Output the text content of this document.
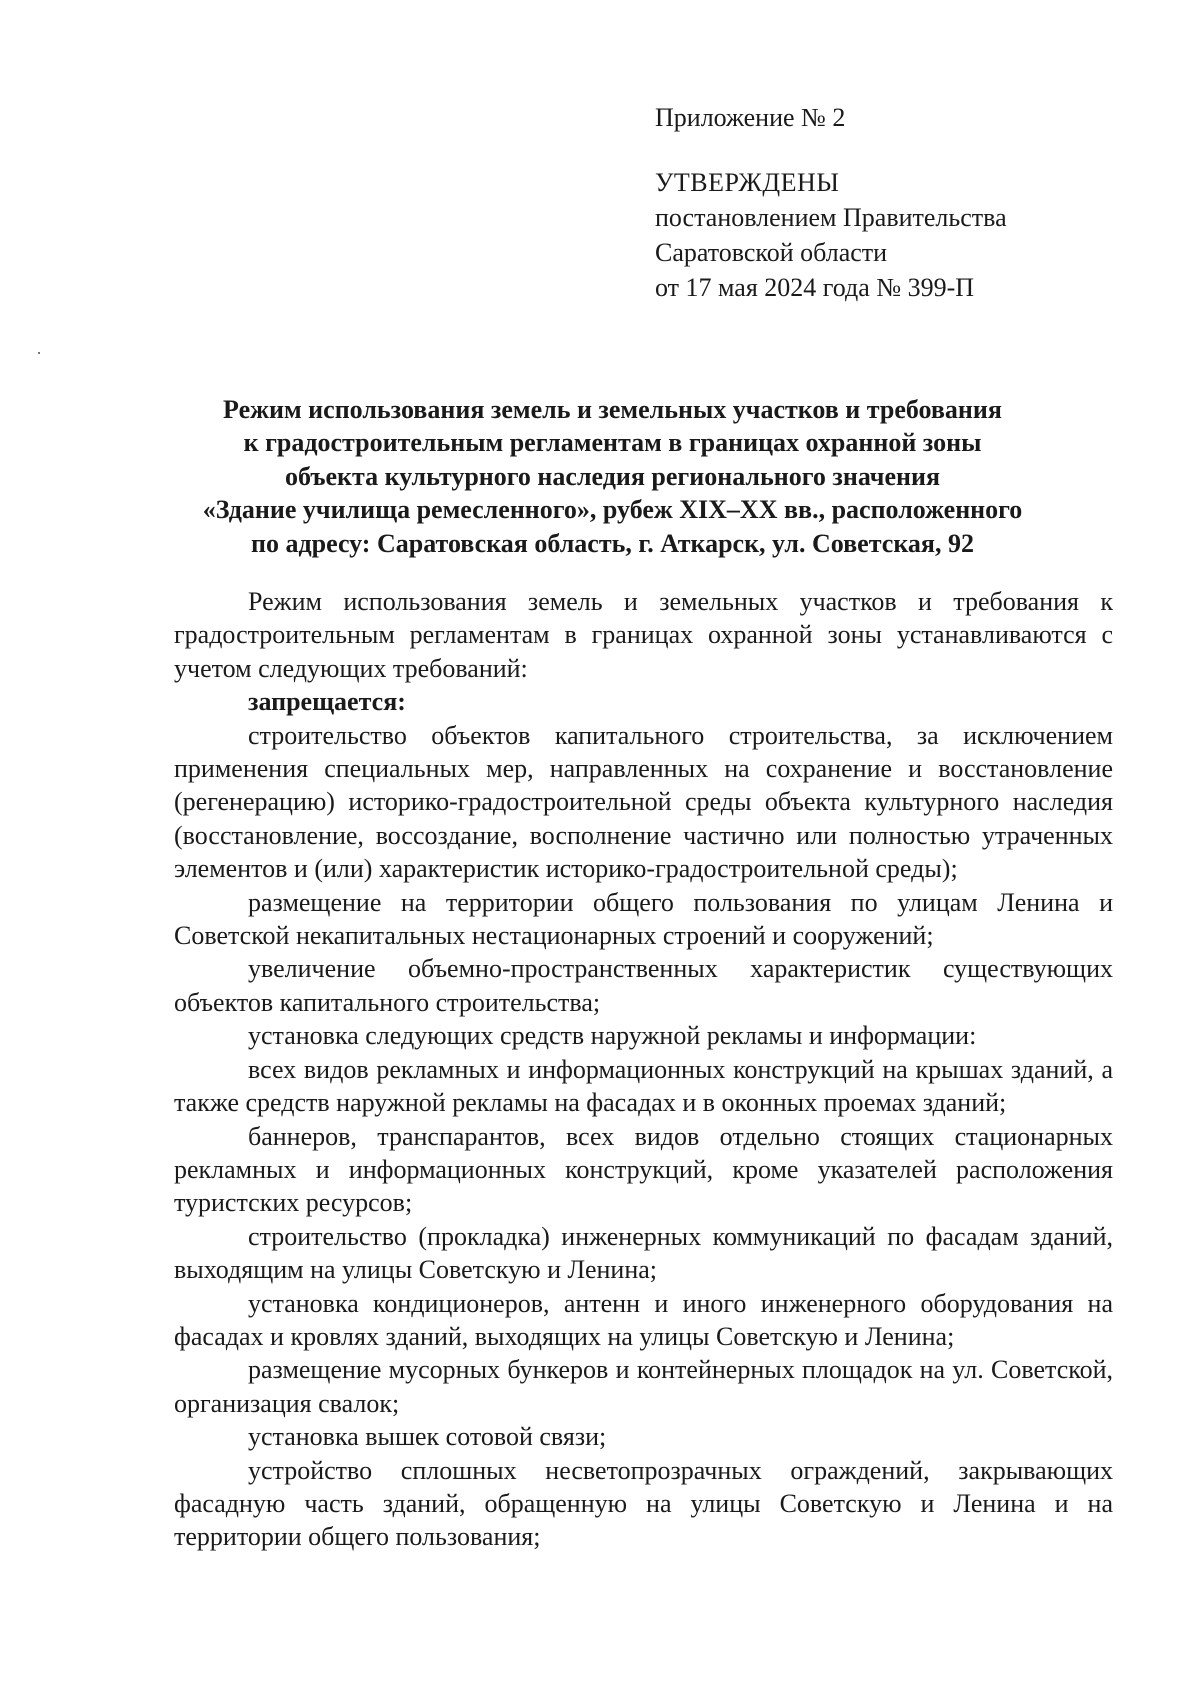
Приложение № 2

УТВЕРЖДЕНЫ

постановлением Правительства

Саратовской области

от 17 мая 2024 года № 399-П

Режим использования земель и земельных участков и требования

к градостроительным регламентам в границах охранной зоны

объекта культурного наследия регионального значения

«Здание училища ремесленного», рубеж XIX–XX вв., расположенного

по адресу: Саратовская область, г. Аткарск, ул. Советская, 92

Режим использования земель и земельных участков и требования к градостроительным регламентам в границах охранной зоны устанавливаются с учетом следующих требований:

запрещается:

строительство объектов капитального строительства, за исключением применения специальных мер, направленных на сохранение и восстановление (регенерацию) историко-градостроительной среды объекта культурного наследия (восстановление, воссоздание, восполнение частично или полностью утраченных элементов и (или) характеристик историко-градостроительной среды);

размещение на территории общего пользования по улицам Ленина и Советской некапитальных нестационарных строений и сооружений;

увеличение объемно-пространственных характеристик существующих объектов капитального строительства;

установка следующих средств наружной рекламы и информации:

всех видов рекламных и информационных конструкций на крышах зданий, а также средств наружной рекламы на фасадах и в оконных проемах зданий;

баннеров, транспарантов, всех видов отдельно стоящих стационарных рекламных и информационных конструкций, кроме указателей расположения туристских ресурсов;

строительство (прокладка) инженерных коммуникаций по фасадам зданий, выходящим на улицы Советскую и Ленина;

установка кондиционеров, антенн и иного инженерного оборудования на фасадах и кровлях зданий, выходящих на улицы Советскую и Ленина;

размещение мусорных бункеров и контейнерных площадок на ул. Советской, организация свалок;

установка вышек сотовой связи;

устройство сплошных несветопрозрачных ограждений, закрывающих фасадную часть зданий, обращенную на улицы Советскую и Ленина и на территории общего пользования;
